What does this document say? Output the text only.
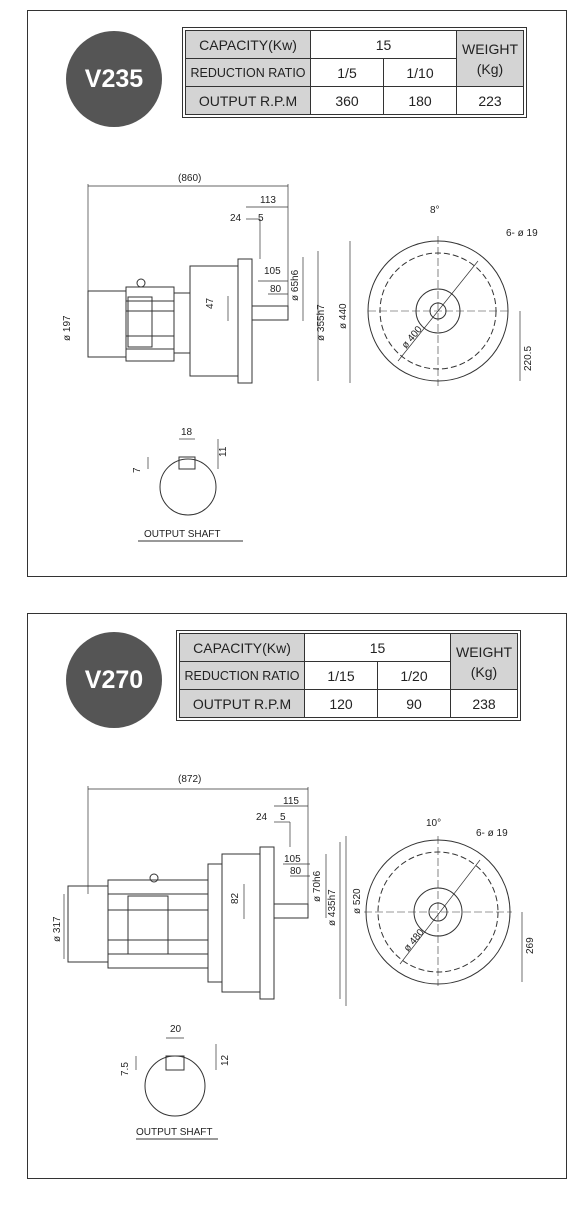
V235
CAPACITY(Kw)	15		WEIGHT
(Kg)
REDUCTION RATIO	1/5	1/10	
OUTPUT R.P.M	360	180	223
(860)
113
24 5
105
80 ø 65h6
ø 355h7 ø 440
47
ø 197
8°
6- ø 19
ø 400
220.5
18
11
7
OUTPUT SHAFT
V270
CAPACITY(Kw)	15		WEIGHT
(Kg)
REDUCTION RATIO	1/15	1/20	
OUTPUT R.P.M	120	90	238
(872)
115
24 5
105
80 ø 70h6
ø 435h7 ø 520
82
ø 317
10°
6- ø 19
ø 480	269
20
12
7.5
OUTPUT SHAFT
